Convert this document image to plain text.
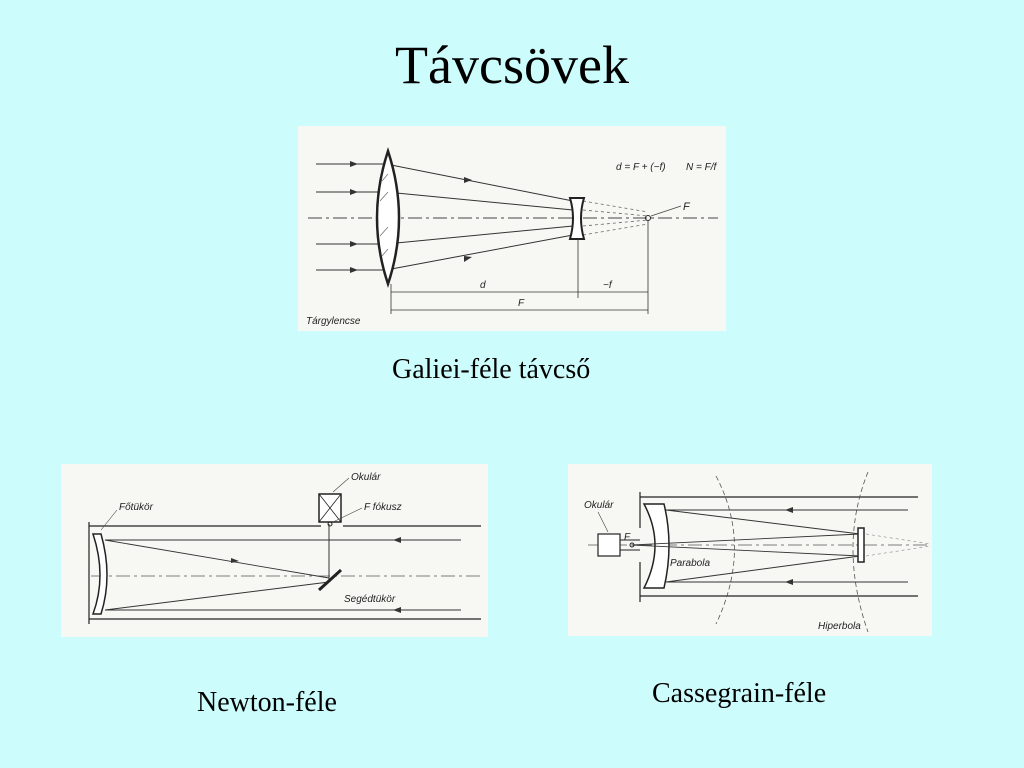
Távcsövek
F
d = F + (−f) N = F/f
d	−f
F
Tárgylencse
Galiei-féle távcső
Okulár
Főtükör	F fókusz
Segédtükör
Newton-féle
Okulár
F
Parabola
Hiperbola
Cassegrain-féle
